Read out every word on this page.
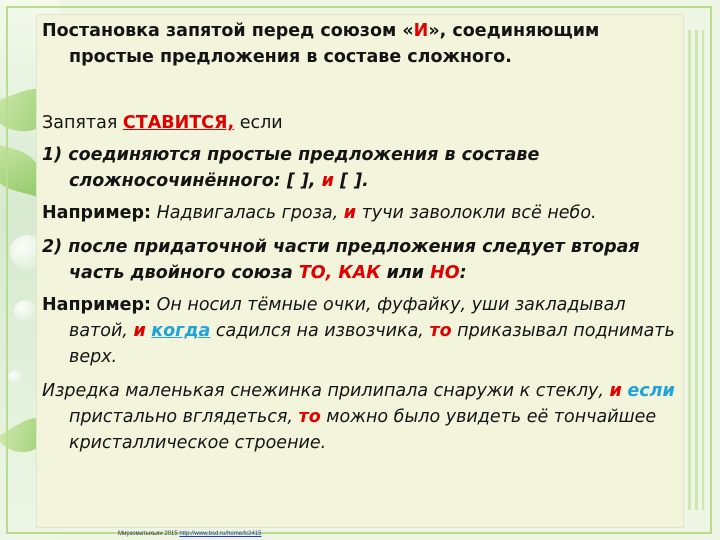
Постановка запятой перед союзом «И», соединяющим простые предложения в составе сложного.

Запятая СТАВИТСЯ, если

1) соединяются простые предложения в составе сложносочинённого: [ ], и [ ].

Например: Надвигалась гроза, и тучи заволокли всё небо.

2) после придаточной части предложения следует вторая часть двойного союза ТО, КАК или НО:

Например: Он носил тёмные очки, фуфайку, уши закладывал ватой, и когда садился на извозчика, то приказывал поднимать верх.

Изредка маленькая снежинка прилипала снаружи к стеклу, и если пристально вглядеться, то можно было увидеть её тончайшее кристаллическое строение.

Мирзоматыхьян 2015 http://www.bsd.ru/home/lc2415
